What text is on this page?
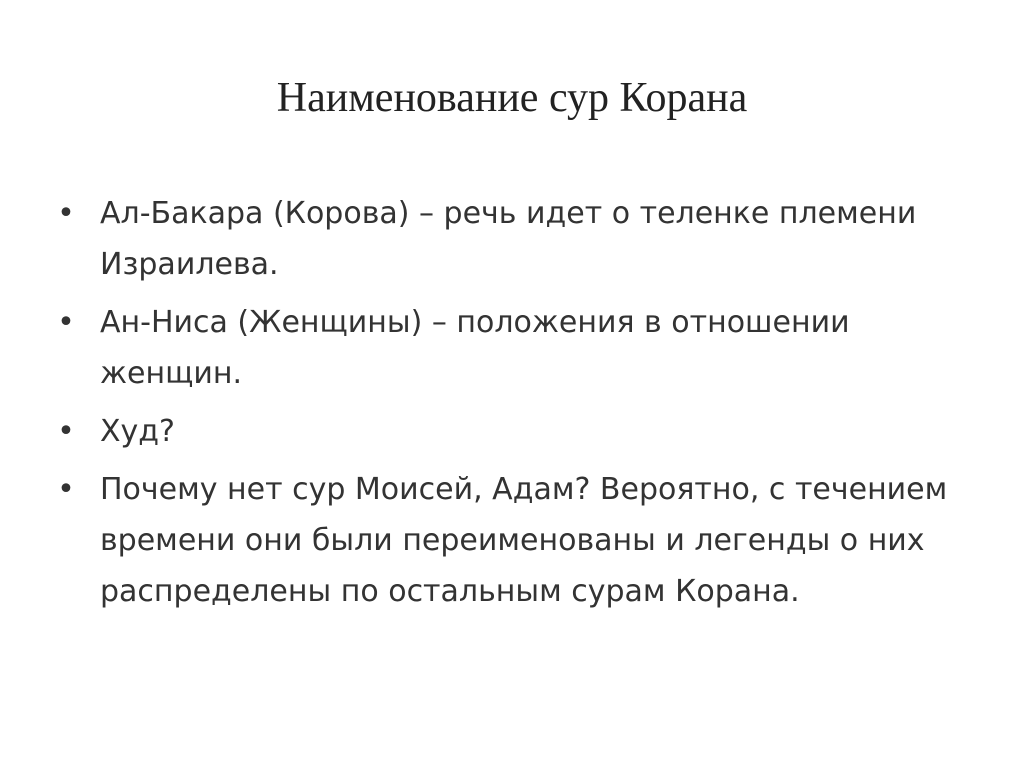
Наименование сур Корана
• Ал-Бакара (Корова) – речь идет о теленке племени Израилева.
• Ан-Ниса (Женщины) – положения в отношении женщин.
• Худ?
• Почему нет сур Моисей, Адам? Вероятно, с течением времени они были переименованы и легенды о них распределены по остальным сурам Корана.
